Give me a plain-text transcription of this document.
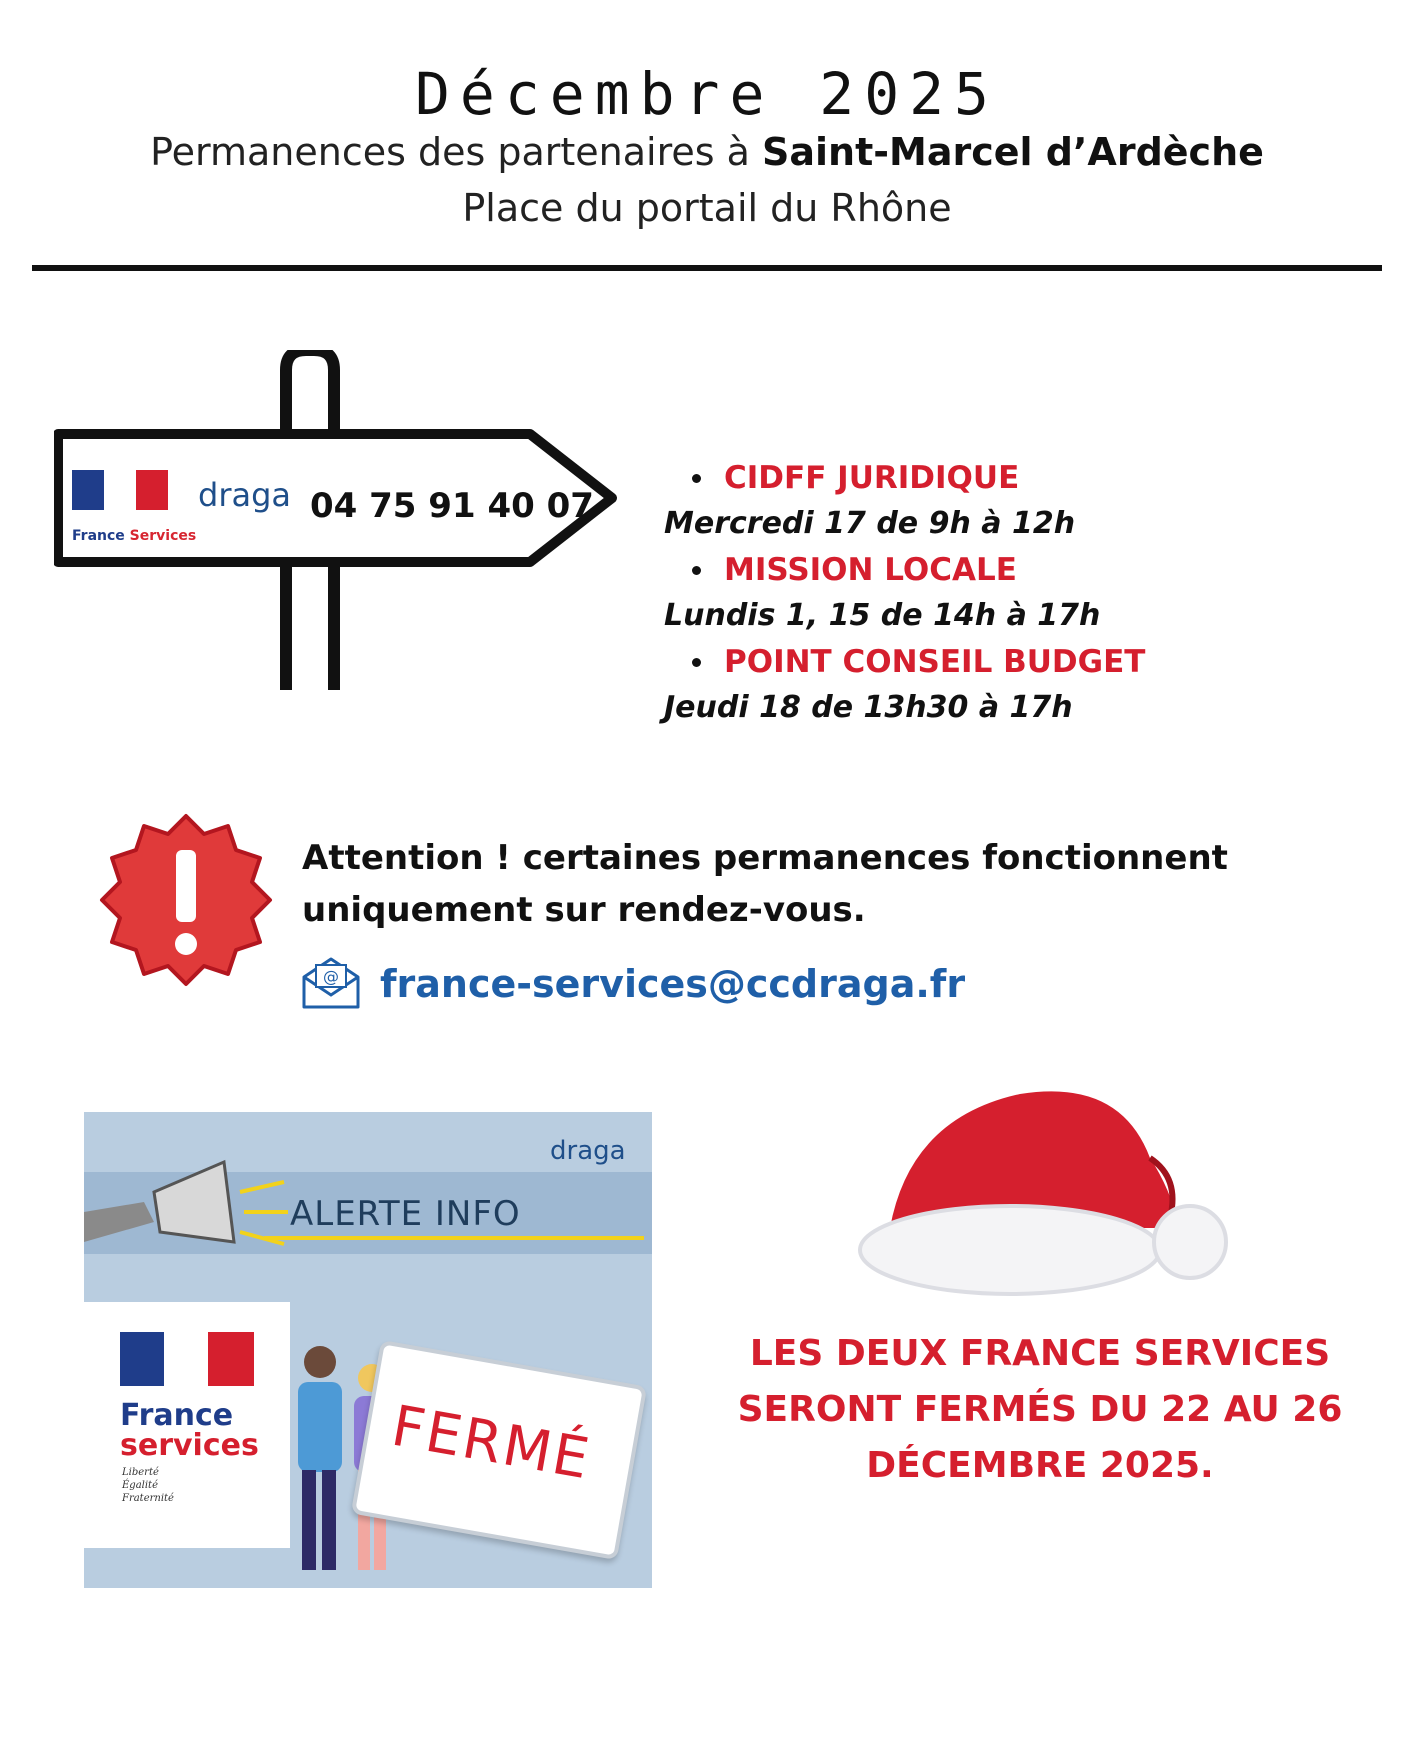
Décembre 2025
Permanences des partenaires à Saint-Marcel d’Ardèche
Place du portail du Rhône
France Services
draga 04 75 91 40 07
CIDFF JURIDIQUE
Mercredi 17 de 9h à 12h
MISSION LOCALE
Lundis 1, 15 de 14h à 17h
POINT CONSEIL BUDGET
Jeudi 18 de 13h30 à 17h
Attention ! certaines permanences fonctionnent uniquement sur rendez-vous.
@ france-services@ccdraga.fr
ALERTE INFO
draga
France
services
Liberté
Égalité
Fraternité
FERMÉ
LES DEUX FRANCE SERVICES
SERONT FERMÉS DU 22 AU 26
DÉCEMBRE 2025.
